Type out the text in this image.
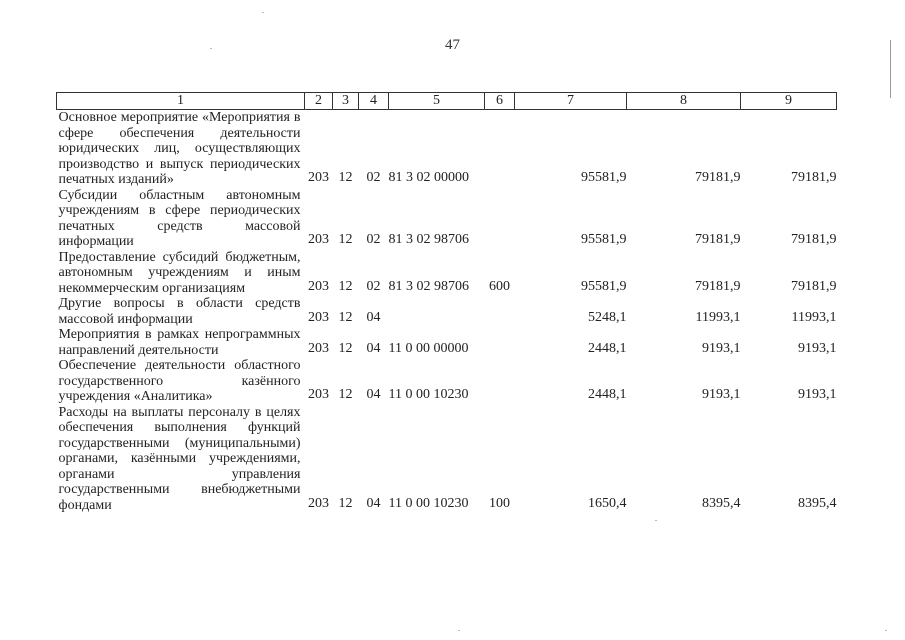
47
1	2	3	4	5	6	7	8	9
Основное мероприятие «Мероприятия в сфере обеспечения деятельности юридических лиц, осуществляющих производство и выпуск периодических печатных изданий»	203	12	02	81 3 02 00000		95581,9	79181,9	79181,9
Субсидии областным автономным учреждениям в сфере периодических печатных средств массовой информации	203	12	02	81 3 02 98706		95581,9	79181,9	79181,9
Предоставление субсидий бюджетным, автономным учреждениям и иным некоммерческим организациям	203	12	02	81 3 02 98706	600	95581,9	79181,9	79181,9
Другие вопросы в области средств массовой информации	203	12	04			5248,1	11993,1	11993,1
Мероприятия в рамках непрограммных направлений деятельности	203	12	04	11 0 00 00000		2448,1	9193,1	9193,1
Обеспечение деятельности областного государственного казённого учреждения «Аналитика»	203	12	04	11 0 00 10230		2448,1	9193,1	9193,1
Расходы на выплаты персоналу в целях обеспечения выполнения функций государственными (муниципальными) органами, казёнными учреждениями, органами управления государственными внебюджетными фондами	203	12	04	11 0 00 10230	100	1650,4	8395,4	8395,4
